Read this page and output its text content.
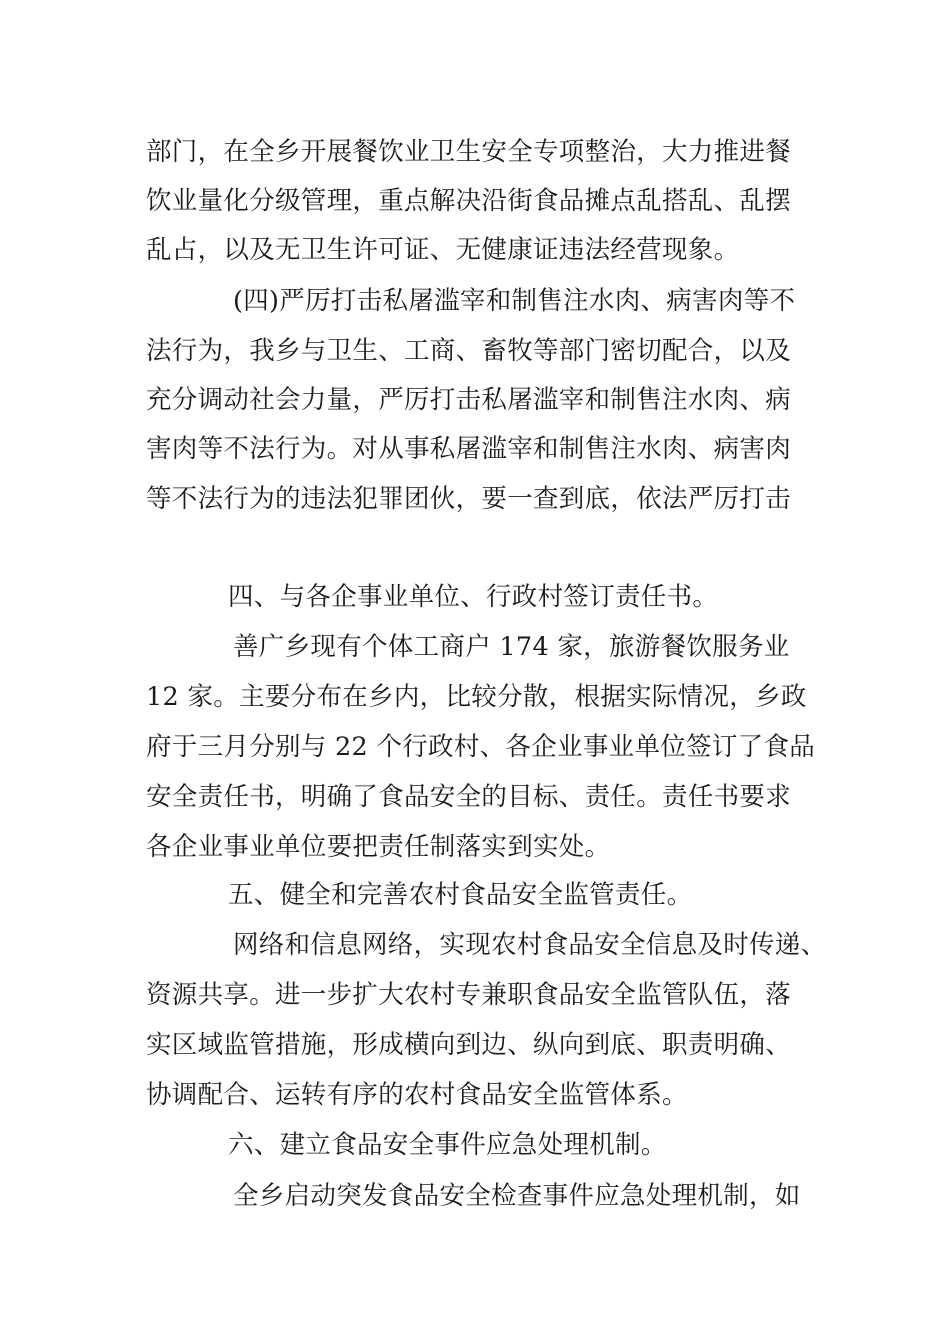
部门，在全乡开展餐饮业卫生安全专项整治，大力推进餐
饮业量化分级管理，重点解决沿街食品摊点乱搭乱、乱摆
乱占，以及无卫生许可证、无健康证违法经营现象。
(四)严厉打击私屠滥宰和制售注水肉、病害肉等不
法行为，我乡与卫生、工商、畜牧等部门密切配合，以及
充分调动社会力量，严厉打击私屠滥宰和制售注水肉、病
害肉等不法行为。对从事私屠滥宰和制售注水肉、病害肉
等不法行为的违法犯罪团伙，要一查到底，依法严厉打击
四、与各企事业单位、行政村签订责任书。
善广乡现有个体工商户 174 家，旅游餐饮服务业
12 家。主要分布在乡内，比较分散，根据实际情况，乡政
府于三月分别与 22 个行政村、各企业事业单位签订了食品
安全责任书，明确了食品安全的目标、责任。责任书要求
各企业事业单位要把责任制落实到实处。
五、健全和完善农村食品安全监管责任。
网络和信息网络，实现农村食品安全信息及时传递、
资源共享。进一步扩大农村专兼职食品安全监管队伍，落
实区域监管措施，形成横向到边、纵向到底、职责明确、
协调配合、运转有序的农村食品安全监管体系。
六、建立食品安全事件应急处理机制。
全乡启动突发食品安全检查事件应急处理机制，如
